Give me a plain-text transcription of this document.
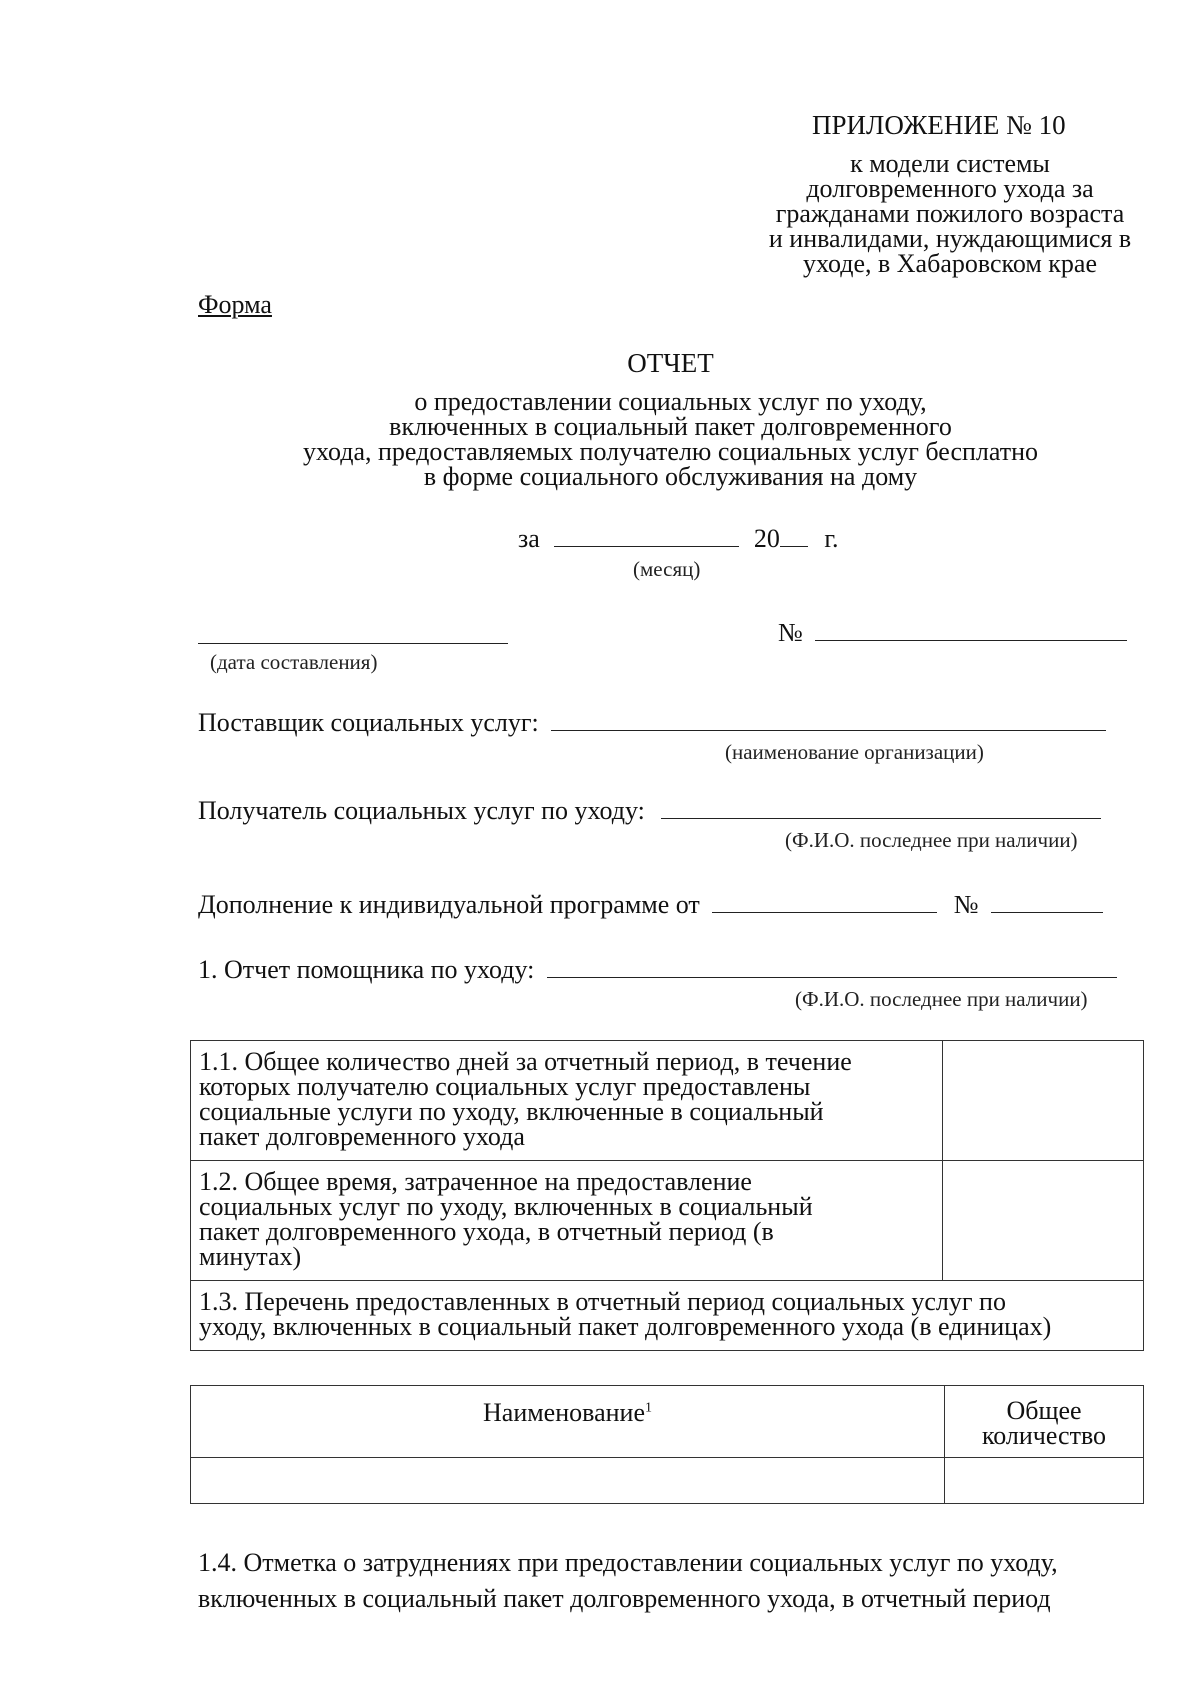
ПРИЛОЖЕНИЕ № 10
к модели системы
долговременного ухода за
гражданами пожилого возраста
и инвалидами, нуждающимися в
уходе, в Хабаровском крае
Форма
ОТЧЕТ
о предоставлении социальных услуг по уходу,
включенных в социальный пакет долговременного
ухода, предоставляемых получателю социальных услуг бесплатно
в форме социального обслуживания на дому
за	20 г.
(месяц)
(дата составления)
№
Поставщик социальных услуг:
(наименование организации)
Получатель социальных услуг по уходу:
(Ф.И.О. последнее при наличии)
Дополнение к индивидуальной программе от	№
1. Отчет помощника по уходу:
(Ф.И.О. последнее при наличии)
1.1. Общее количество дней за отчетный период, в течение
которых получателю социальных услуг предоставлены
социальные услуги по уходу, включенные в социальный
пакет долговременного ухода	

1.2. Общее время, затраченное на предоставление
социальных услуг по уходу, включенных в социальный
пакет долговременного ухода, в отчетный период (в
минутах)	

1.3. Перечень предоставленных в отчетный период социальных услуг по
уходу, включенных в социальный пакет долговременного ухода (в единицах)	
Наименование$^1$	Общее
количество

1.4. Отметка о затруднениях при предоставлении социальных услуг по уходу,
включенных в социальный пакет долговременного ухода, в отчетный период
